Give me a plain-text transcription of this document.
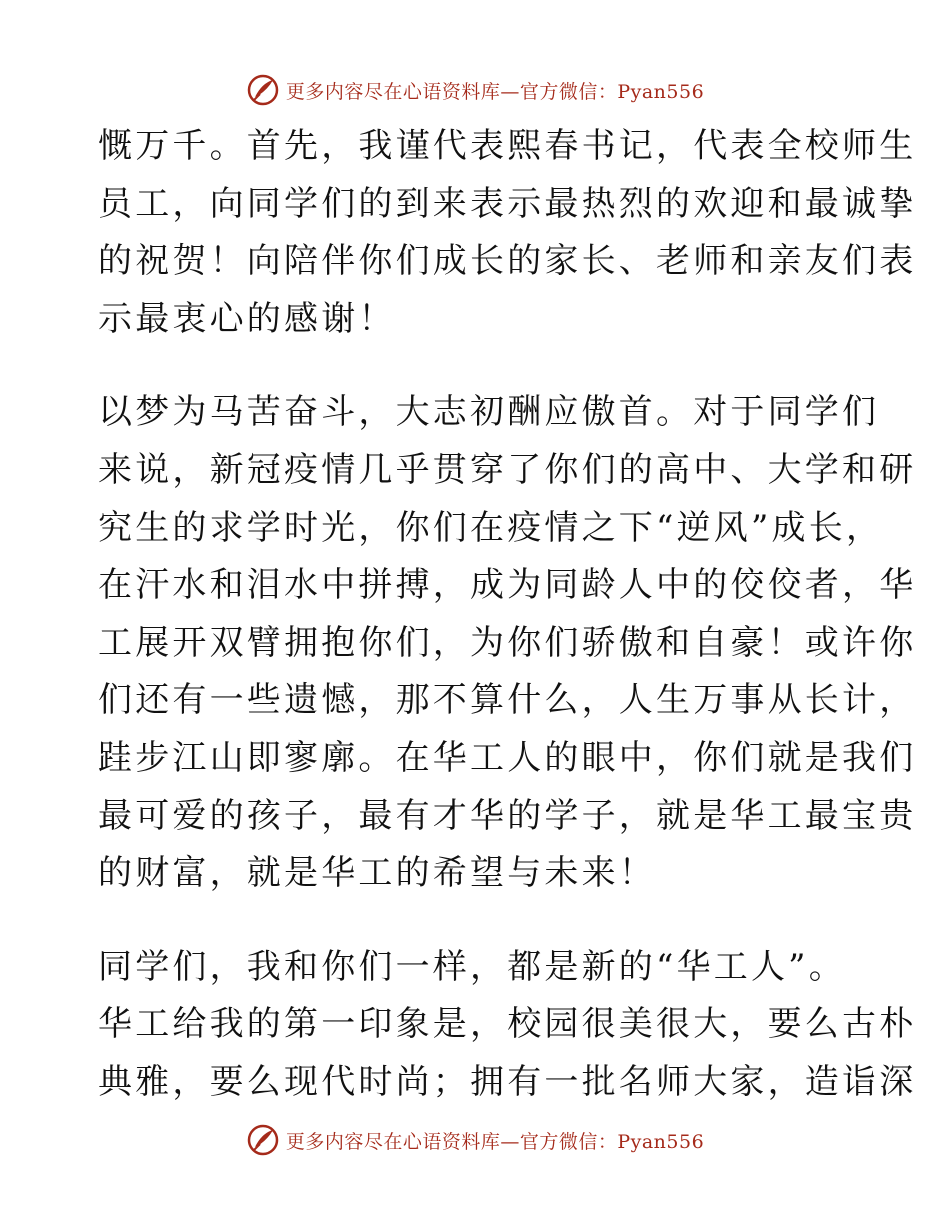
更多内容尽在心语资料库—官方微信：Pyan556
慨万千。首先，我谨代表熙春书记，代表全校师生
员工，向同学们的到来表示最热烈的欢迎和最诚挚
的祝贺！向陪伴你们成长的家长、老师和亲友们表
示最衷心的感谢！
以梦为马苦奋斗，大志初酬应傲首。对于同学们
来说，新冠疫情几乎贯穿了你们的高中、大学和研
究生的求学时光，你们在疫情之下“逆风”成长，
在汗水和泪水中拼搏，成为同龄人中的佼佼者，华
工展开双臂拥抱你们，为你们骄傲和自豪！或许你
们还有一些遗憾，那不算什么，人生万事从长计，
跬步江山即寥廓。在华工人的眼中，你们就是我们
最可爱的孩子，最有才华的学子，就是华工最宝贵
的财富，就是华工的希望与未来！
同学们，我和你们一样，都是新的“华工人”。
华工给我的第一印象是，校园很美很大，要么古朴
典雅，要么现代时尚；拥有一批名师大家，造诣深
更多内容尽在心语资料库—官方微信：Pyan556
